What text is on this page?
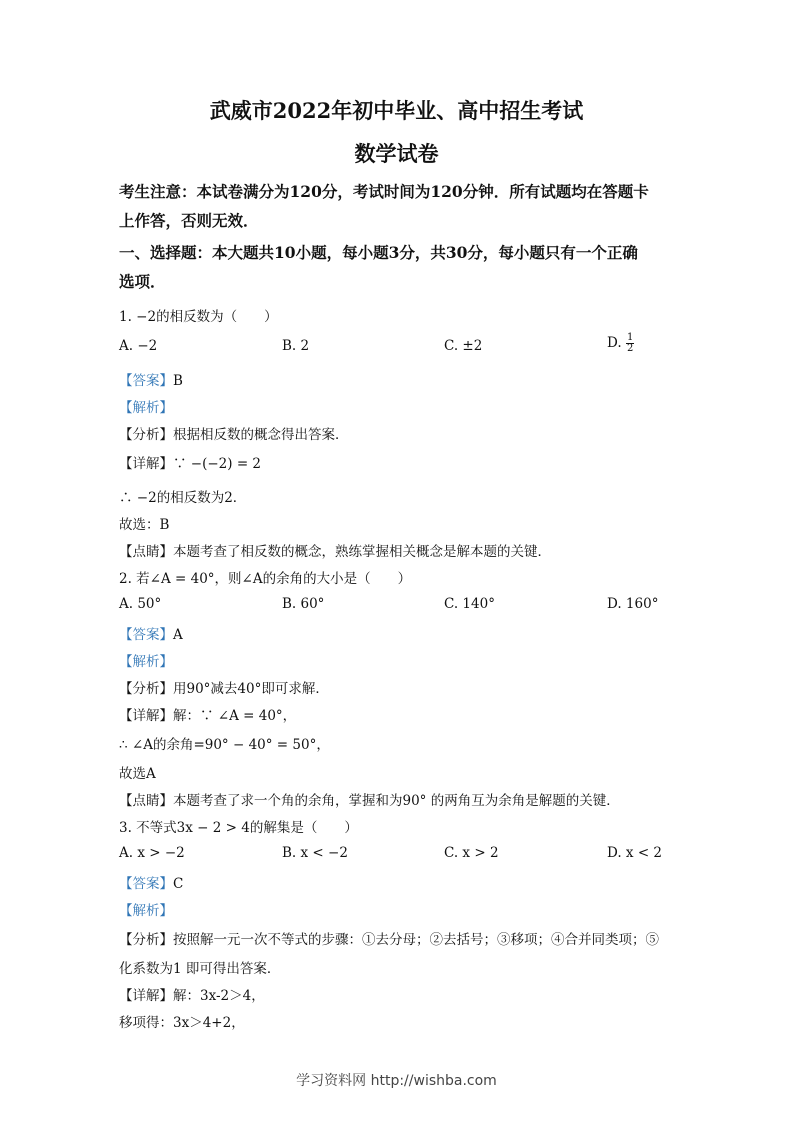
武威市2022年初中毕业、高中招生考试
数学试卷
考生注意：本试卷满分为120分，考试时间为120分钟．所有试题均在答题卡
上作答，否则无效．
一、选择题：本大题共10小题，每小题3分，共30分，每小题只有一个正确
选项．
1. −2的相反数为（　　）
A. −2	B. 2	C. ±2	D. $\frac{1}{2}$
【答案】B
【解析】
【分析】根据相反数的概念得出答案．
【详解】∵ −(−2) = 2
∴ −2的相反数为2．
故选：B
【点睛】本题考查了相反数的概念，熟练掌握相关概念是解本题的关键．
2. 若∠A = 40°，则∠A的余角的大小是（　　）
A. 50°	B. 60°	C. 140°	D. 160°
【答案】A
【解析】
【分析】用90°减去40°即可求解．
【详解】解：∵ ∠A = 40°，
∴ ∠A的余角=90° − 40° = 50°，
故选A
【点睛】本题考查了求一个角的余角，掌握和为90° 的两角互为余角是解题的关键．
3. 不等式3x − 2 > 4的解集是（　　）
A. x > −2	B. x < −2	C. x > 2	D. x < 2
【答案】C
【解析】
【分析】按照解一元一次不等式的步骤：①去分母；②去括号；③移项；④合并同类项；⑤
化系数为1 即可得出答案．
【详解】解：3x-2＞4，
移项得：3x＞4+2，
学习资料网 http://wishba.com
